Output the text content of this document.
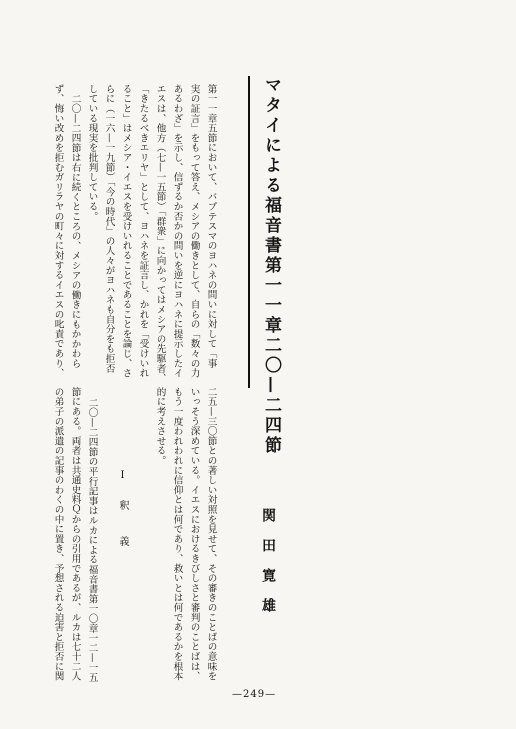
マタイによる福音書第一一章二〇—二四節
第一一章五節において、バプテスマのヨハネの問いに対して「事
実の証言」をもって答え、メシアの働きとして、自らの「数々の力
あるわざ」を示し、信ずるか否かの問いを逆にヨハネに提示したイ
エスは、他方（七—一五節）「群衆」に向かってはメシアの先駆者、
「きたるべきエリヤ」として、ヨハネを証言し、かれを「受けいれ
ること」はメシア・イエスを受けいれることであることを論じ、さ
らに（一六—一九節）「今の時代」の人々がヨハネも自分をも拒否
している現実を批判している。
二〇—二四節は右に続くところの、メシアの働きにもかかわら
ず、悔い改めを拒むガリラヤの町々に対するイエスの叱責であり、
二五—三〇節との著しい対照を見せて、その審きのことばの意味を
いっそう深めている。イエスにおけるきびしさと審判のことばは、
もう一度われわれに信仰とは何であり、救いとは何であるかを根本
的に考えさせる。
Ⅰ 釈　義
二〇—二四節の平行記事はルカによる福音書第一〇章一二—一五
節にある。両者は共通史料Ｑからの引用であるが、ルカは七十二人
の弟子の派遣の記事のわくの中に置き、予想される迫害と拒否に関	関田寛雄
—249—
